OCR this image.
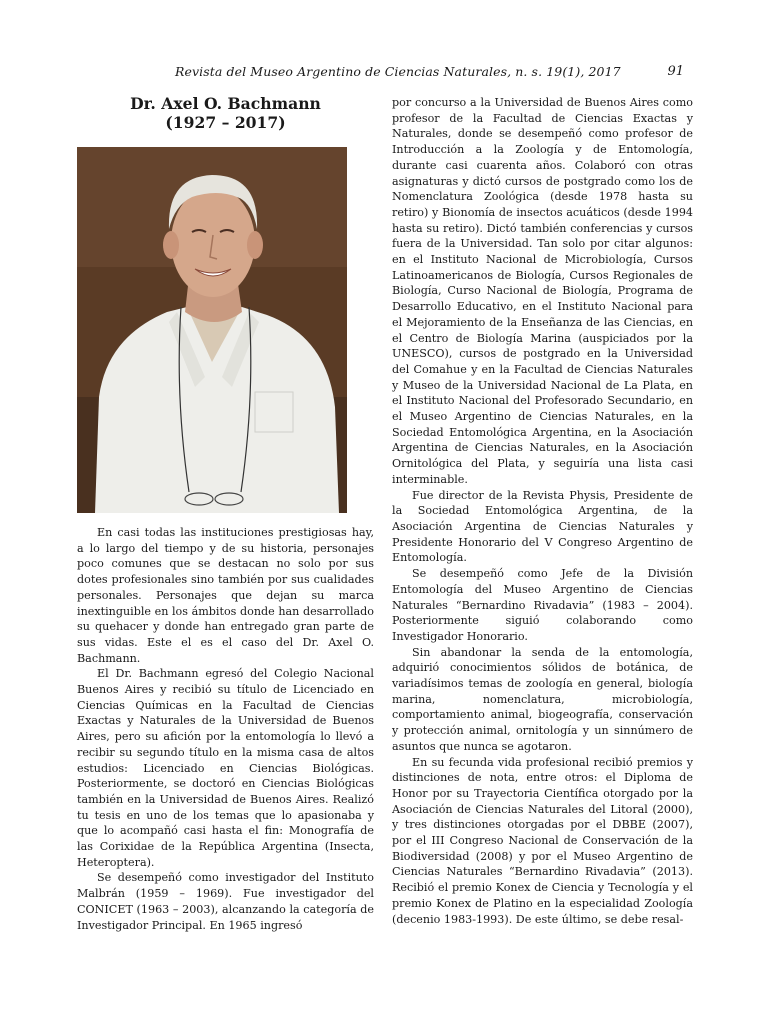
Revista del Museo Argentino de Ciencias Naturales, n. s. 19(1), 2017	91
Dr. Axel O. Bachmann
(1927 – 2017)

En casi todas las instituciones prestigiosas hay, a lo largo del tiempo y de su historia, personajes poco comunes que se destacan no solo por sus dotes profesionales sino también por sus cualidades personales. Personajes que dejan su marca inextinguible en los ámbitos donde han desarrollado su quehacer y donde han entregado gran parte de sus vidas. Este el es el caso del Dr. Axel O. Bachmann.

El Dr. Bachmann egresó del Colegio Nacional Buenos Aires y recibió su título de Licenciado en Ciencias Químicas en la Facultad de Ciencias Exactas y Naturales de la Universidad de Buenos Aires, pero su afición por la entomología lo llevó a recibir su segundo título en la misma casa de altos estudios: Licenciado en Ciencias Biológicas. Posteriormente, se doctoró en Ciencias Biológicas también en la Universidad de Buenos Aires. Realizó tu tesis en uno de los temas que lo apasionaba y que lo acompañó casi hasta el fin: Monografía de las Corixidae de la República Argentina (Insecta, Heteroptera).

Se desempeñó como investigador del Instituto Malbrán (1959 – 1969). Fue investigador del CONICET (1963 – 2003), alcanzando la categoría de Investigador Principal. En 1965 ingresó

por concurso a la Universidad de Buenos Aires como profesor de la Facultad de Ciencias Exactas y Naturales, donde se desempeñó como profesor de Introducción a la Zoología y de Entomología, durante casi cuarenta años. Colaboró con otras asignaturas y dictó cursos de postgrado como los de Nomenclatura Zoológica (desde 1978 hasta su retiro) y Bionomía de insectos acuáticos (desde 1994 hasta su retiro). Dictó también conferencias y cursos fuera de la Universidad. Tan solo por citar algunos: en el Instituto Nacional de Microbiología, Cursos Latinoamericanos de Biología, Cursos Regionales de Biología, Curso Nacional de Biología, Programa de Desarrollo Educativo, en el Instituto Nacional para el Mejoramiento de la Enseñanza de las Ciencias, en el Centro de Biología Marina (auspiciados por la UNESCO), cursos de postgrado en la Universidad del Comahue y en la Facultad de Ciencias Naturales y Museo de la Universidad Nacional de La Plata, en el Instituto Nacional del Profesorado Secundario, en el Museo Argentino de Ciencias Naturales, en la Sociedad Entomológica Argentina, en la Asociación Argentina de Ciencias Naturales, en la Asociación Ornitológica del Plata, y seguiría una lista casi interminable.

Fue director de la Revista Physis, Presidente de la Sociedad Entomológica Argentina, de la Asociación Argentina de Ciencias Naturales y Presidente Honorario del V Congreso Argentino de Entomología.

Se desempeñó como Jefe de la División Entomología del Museo Argentino de Ciencias Naturales “Bernardino Rivadavia” (1983 – 2004). Posteriormente siguió colaborando como Investigador Honorario.

Sin abandonar la senda de la entomología, adquirió conocimientos sólidos de botánica, de variadísimos temas de zoología en general, biología marina, nomenclatura, microbiología, comportamiento animal, biogeografía, conservación y protección animal, ornitología y un sinnúmero de asuntos que nunca se agotaron.

En su fecunda vida profesional recibió premios y distinciones de nota, entre otros: el Diploma de Honor por su Trayectoria Científica otorgado por la Asociación de Ciencias Naturales del Litoral (2000), y tres distinciones otorgadas por el DBBE (2007), por el III Congreso Nacional de Conservación de la Biodiversidad (2008) y por el Museo Argentino de Ciencias Naturales “Bernardino Rivadavia” (2013). Recibió el premio Konex de Ciencia y Tecnología y el premio Konex de Platino en la especialidad Zoología (decenio 1983-1993). De este último, se debe resal-
